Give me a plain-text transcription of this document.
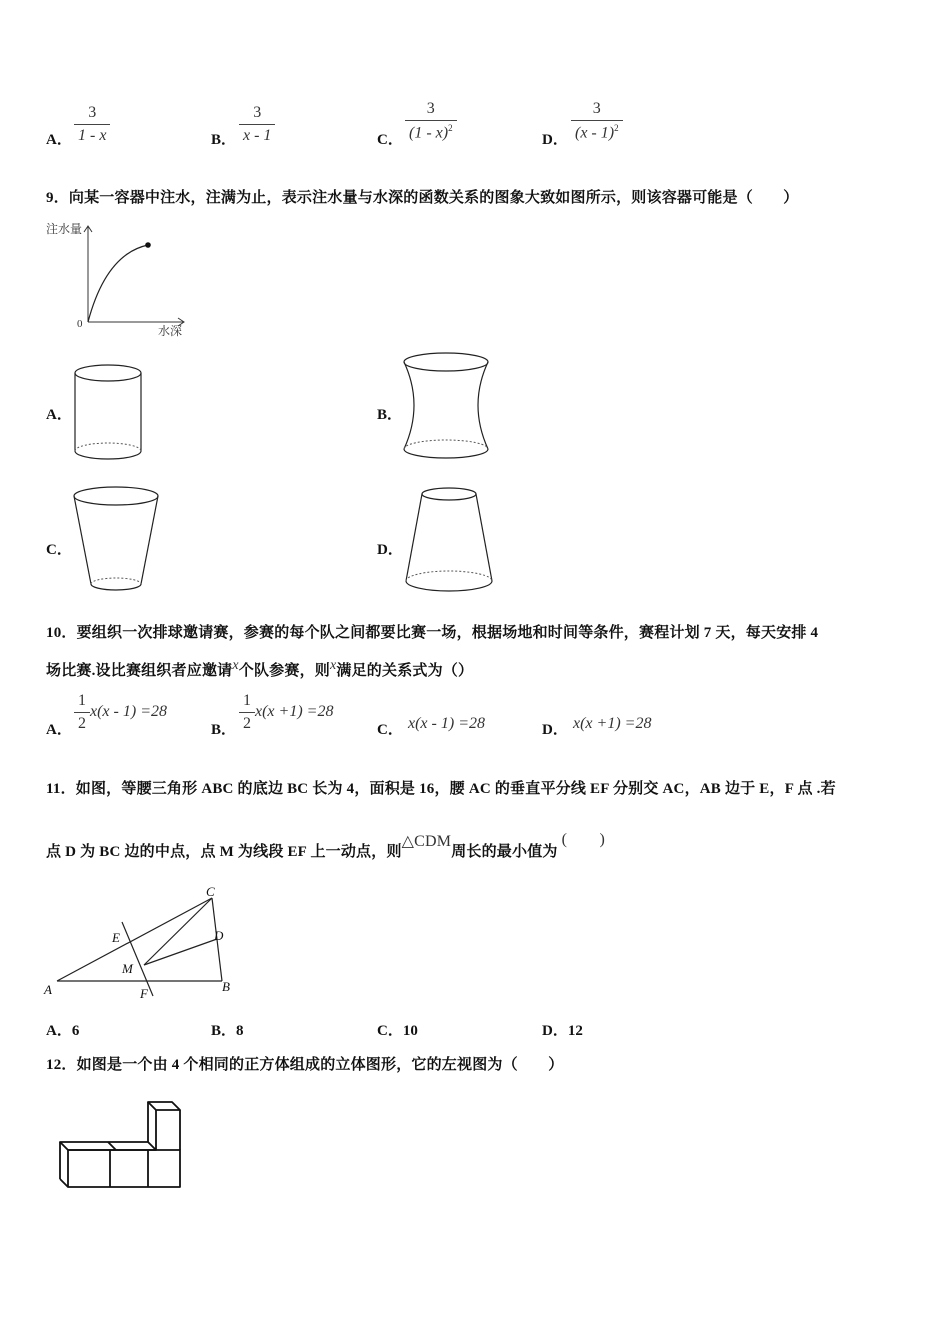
A． $\frac{3}{1 - x}$	B． $\frac{3}{x - 1}$	C． $\frac{3}{(1 - x)^2}$	D． $\frac{3}{(x - 1)^2}$
9．向某一容器中注水，注满为止，表示注水量与水深的函数关系的图象大致如图所示，则该容器可能是（　　）
注水量
0	水深
A．	B．
C．	D．
10．要组织一次排球邀请赛，参赛的每个队之间都要比赛一场，根据场地和时间等条件，赛程计划 7 天，每天安排 4
场比赛.设比赛组织者应邀请x个队参赛，则x满足的关系式为（）
A． $\frac{1}{2} x(x - 1) =28$
B． $\frac{1}{2} x(x +1) =28$
C． x(x - 1) =28	D． x(x +1) =28
11．如图，等腰三角形 ABC 的底边 BC 长为 4，面积是 16，腰 AC 的垂直平分线 EF 分别交 AC，AB 边于 E，F 点 .若
点 D 为 BC 边的中点，点 M 为线段 EF 上一动点，则△CDM周长的最小值为(　　)
C
D
E
M
A	F	B
A．6	B．8	C．10	D．12
12．如图是一个由 4 个相同的正方体组成的立体图形，它的左视图为（　　）
